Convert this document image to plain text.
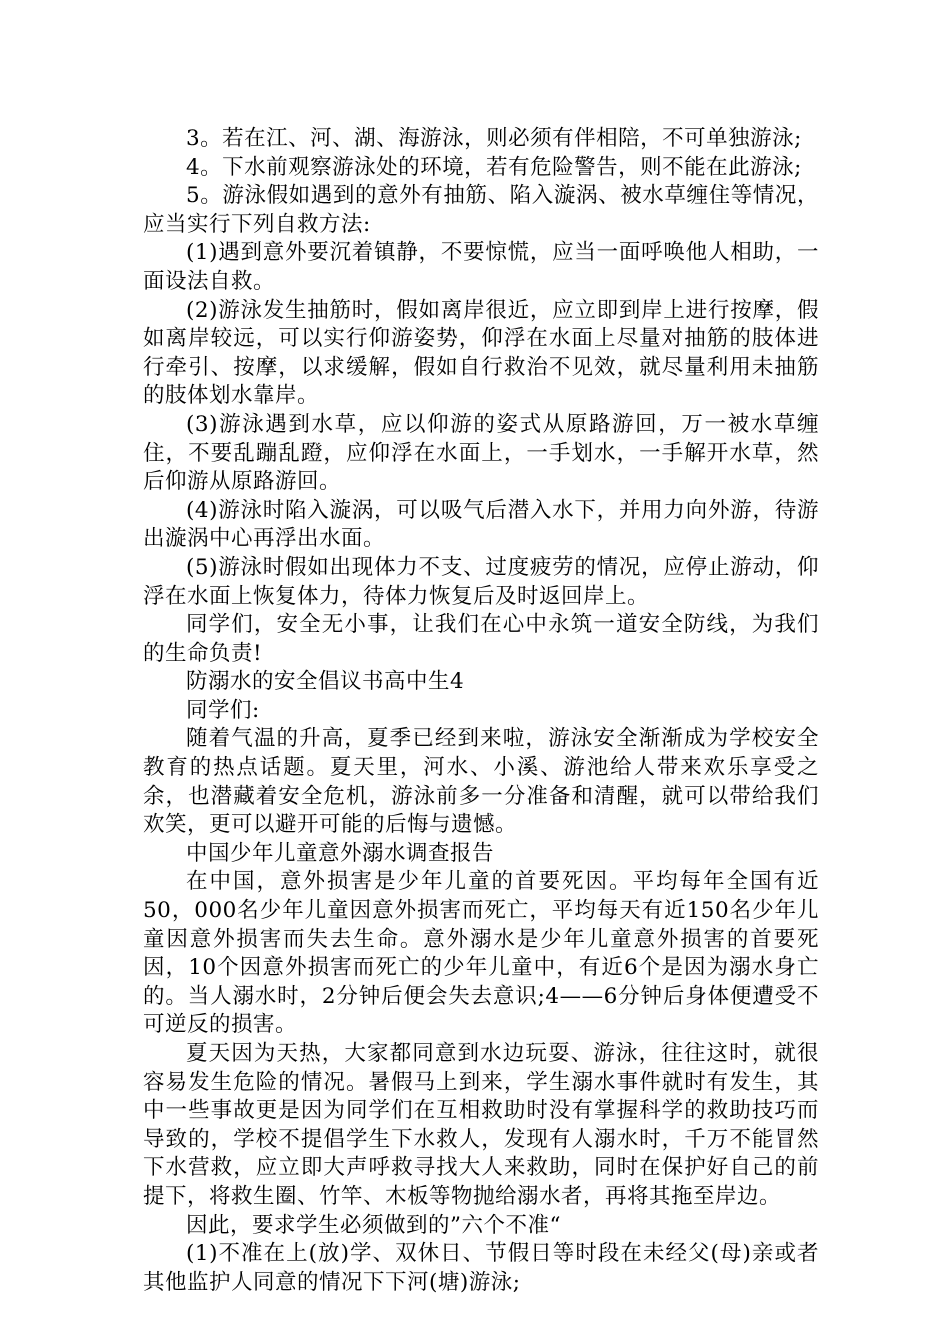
3。若在江、河、湖、海游泳，则必须有伴相陪，不可单独游泳;

4。下水前观察游泳处的环境，若有危险警告，则不能在此游泳;

5。游泳假如遇到的意外有抽筋、陷入漩涡、被水草缠住等情况，应当实行下列自救方法:

(1)遇到意外要沉着镇静，不要惊慌，应当一面呼唤他人相助，一面设法自救。

(2)游泳发生抽筋时，假如离岸很近，应立即到岸上进行按摩，假如离岸较远，可以实行仰游姿势，仰浮在水面上尽量对抽筋的肢体进行牵引、按摩，以求缓解，假如自行救治不见效，就尽量利用未抽筋的肢体划水靠岸。

(3)游泳遇到水草，应以仰游的姿式从原路游回，万一被水草缠住，不要乱蹦乱蹬，应仰浮在水面上，一手划水，一手解开水草，然后仰游从原路游回。

(4)游泳时陷入漩涡，可以吸气后潜入水下，并用力向外游，待游出漩涡中心再浮出水面。

(5)游泳时假如出现体力不支、过度疲劳的情况，应停止游动，仰浮在水面上恢复体力，待体力恢复后及时返回岸上。

同学们，安全无小事，让我们在心中永筑一道安全防线，为我们的生命负责!

防溺水的安全倡议书高中生4

同学们:

随着气温的升高，夏季已经到来啦，游泳安全渐渐成为学校安全教育的热点话题。夏天里，河水、小溪、游池给人带来欢乐享受之余，也潜藏着安全危机，游泳前多一分准备和清醒，就可以带给我们欢笑，更可以避开可能的后悔与遗憾。

中国少年儿童意外溺水调查报告

在中国，意外损害是少年儿童的首要死因。平均每年全国有近50，000名少年儿童因意外损害而死亡，平均每天有近150名少年儿童因意外损害而失去生命。意外溺水是少年儿童意外损害的首要死因，10个因意外损害而死亡的少年儿童中，有近6个是因为溺水身亡的。当人溺水时，2分钟后便会失去意识;4——6分钟后身体便遭受不可逆反的损害。

夏天因为天热，大家都同意到水边玩耍、游泳，往往这时，就很容易发生危险的情况。暑假马上到来，学生溺水事件就时有发生，其中一些事故更是因为同学们在互相救助时没有掌握科学的救助技巧而导致的，学校不提倡学生下水救人，发现有人溺水时，千万不能冒然下水营救，应立即大声呼救寻找大人来救助，同时在保护好自己的前提下，将救生圈、竹竿、木板等物抛给溺水者，再将其拖至岸边。

因此，要求学生必须做到的”六个不准“

(1)不准在上(放)学、双休日、节假日等时段在未经父(母)亲或者其他监护人同意的情况下下河(塘)游泳;
